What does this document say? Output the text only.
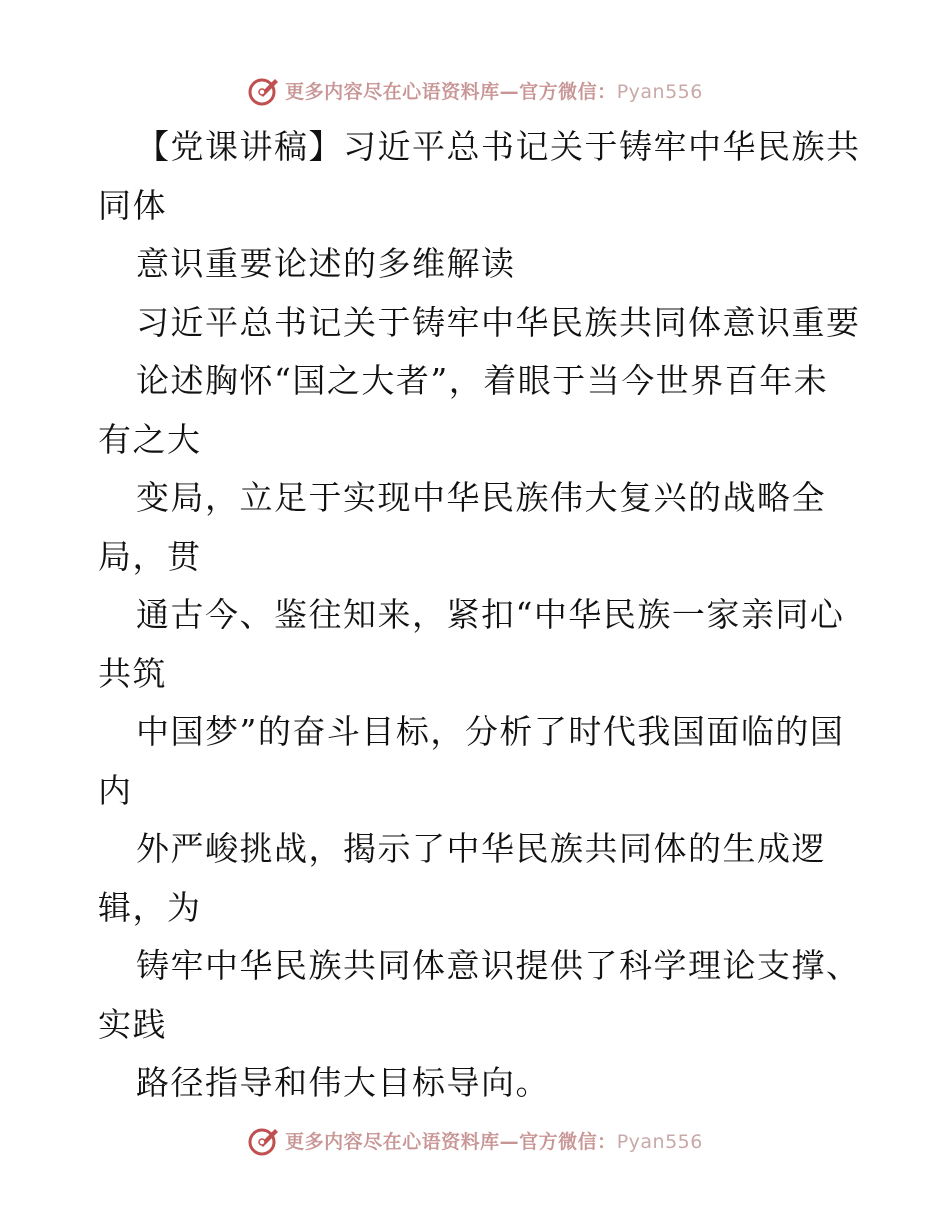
更多内容尽在心语资料库—官方微信：Pyan556
【党课讲稿】习近平总书记关于铸牢中华民族共
同体
意识重要论述的多维解读
习近平总书记关于铸牢中华民族共同体意识重要
论述胸怀“国之大者”，着眼于当今世界百年未
有之大
变局，立足于实现中华民族伟大复兴的战略全
局，贯
通古今、鉴往知来，紧扣“中华民族一家亲同心
共筑
中国梦”的奋斗目标，分析了时代我国面临的国
内
外严峻挑战，揭示了中华民族共同体的生成逻
辑，为
铸牢中华民族共同体意识提供了科学理论支撑、
实践
路径指导和伟大目标导向。
更多内容尽在心语资料库—官方微信：Pyan556
